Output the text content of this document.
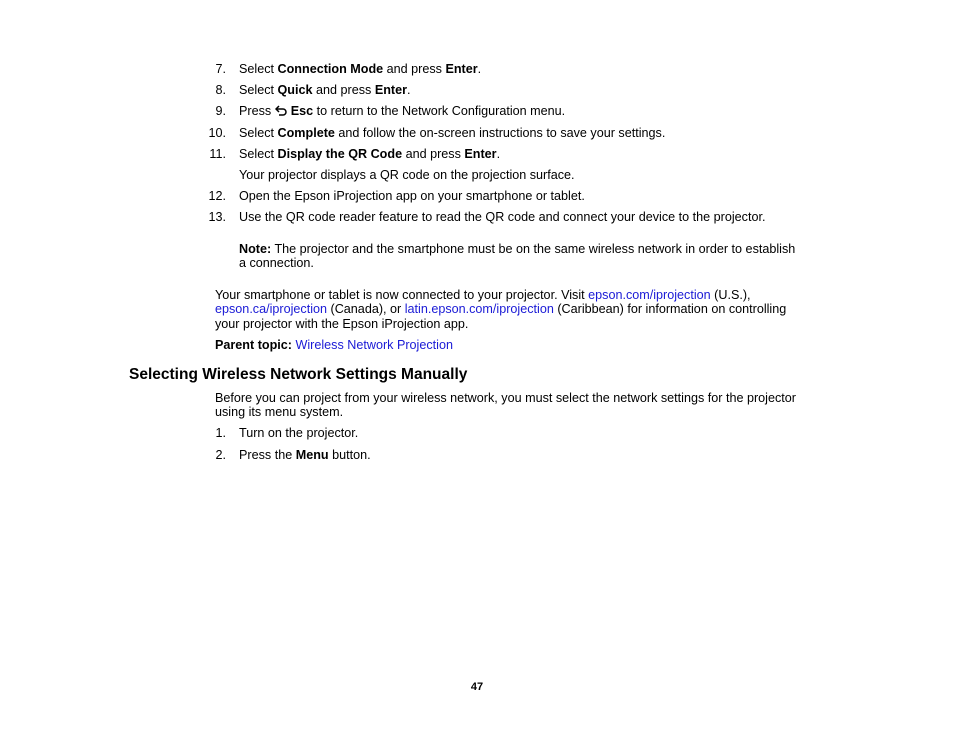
7. Select Connection Mode and press Enter.
8. Select Quick and press Enter.
9. Press Esc to return to the Network Configuration menu.
10. Select Complete and follow the on-screen instructions to save your settings.
11. Select Display the QR Code and press Enter.
Your projector displays a QR code on the projection surface.
12. Open the Epson iProjection app on your smartphone or tablet.
13. Use the QR code reader feature to read the QR code and connect your device to the projector.
Note: The projector and the smartphone must be on the same wireless network in order to establish
a connection.
Your smartphone or tablet is now connected to your projector. Visit epson.com/iprojection (U.S.),
epson.ca/iprojection (Canada), or latin.epson.com/iprojection (Caribbean) for information on controlling
your projector with the Epson iProjection app.
Parent topic: Wireless Network Projection
Selecting Wireless Network Settings Manually
Before you can project from your wireless network, you must select the network settings for the projector
using its menu system.
1. Turn on the projector.
2. Press the Menu button.
47
